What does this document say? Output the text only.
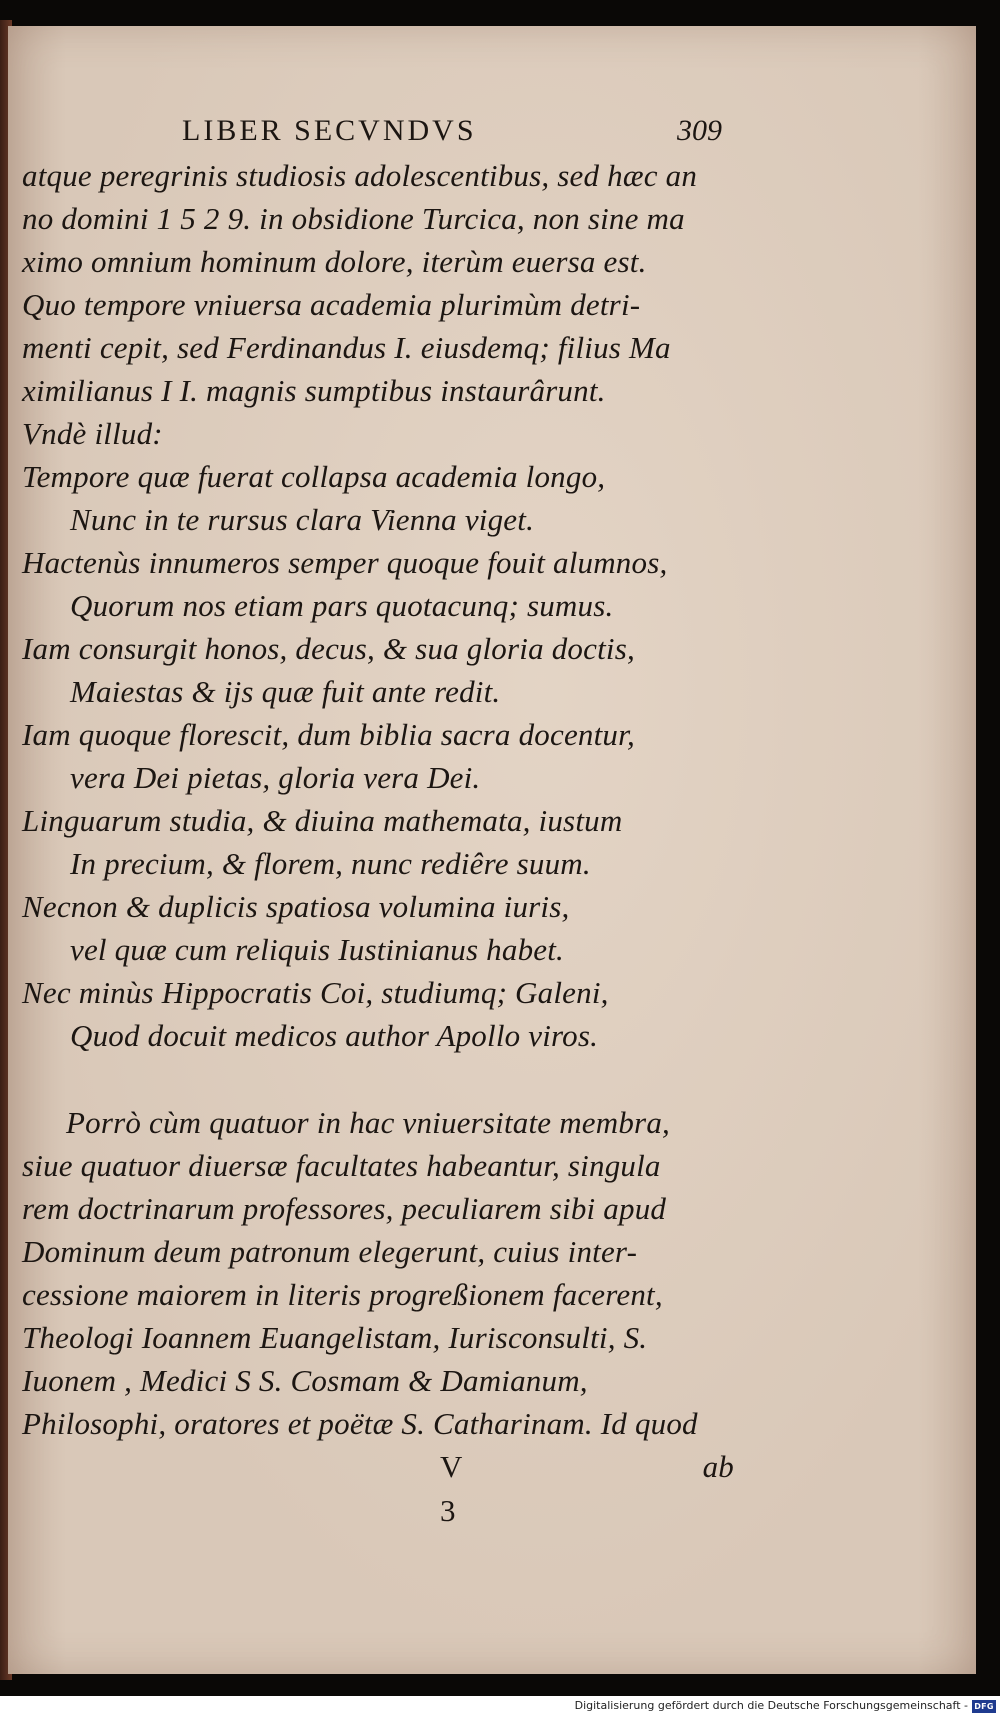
LIBER SECVNDVS	309
atque peregrinis studiosis adolescentibus, sed hæc an
no domini 1 5 2 9. in obsidione Turcica, non sine ma
ximo omnium hominum dolore, iterùm euersa est.
Quo tempore vniuersa academia plurimùm detri-
menti cepit, sed Ferdinandus I. eiusdemq; filius Ma
ximilianus I I. magnis sumptibus instaurârunt.
Vndè illud:
Tempore quæ fuerat collapsa academia longo,
Nunc in te rursus clara Vienna viget.
Hactenùs innumeros semper quoque fouit alumnos,
Quorum nos etiam pars quotacunq; sumus.
Iam consurgit honos, decus, & sua gloria doctis,
Maiestas & ijs quæ fuit ante redit.
Iam quoque florescit, dum biblia sacra docentur,
vera Dei pietas, gloria vera Dei.
Linguarum studia, & diuina mathemata, iustum
In precium, & florem, nunc rediêre suum.
Necnon & duplicis spatiosa volumina iuris,
vel quæ cum reliquis Iustinianus habet.
Nec minùs Hippocratis Coi, studiumq; Galeni,
Quod docuit medicos author Apollo viros.
Porrò cùm quatuor in hac vniuersitate membra,
siue quatuor diuersæ facultates habeantur, singula
rem doctrinarum professores, peculiarem sibi apud
Dominum deum patronum elegerunt, cuius inter-
cessione maiorem in literis progreßionem facerent,
Theologi Ioannem Euangelistam, Iurisconsulti, S.
Iuonem , Medici S S. Cosmam & Damianum,
Philosophi, oratores et poëtæ S. Catharinam. Id quod
V 3
ab
Digitalisierung gefördert durch die Deutsche Forschungsgemeinschaft - DFG
